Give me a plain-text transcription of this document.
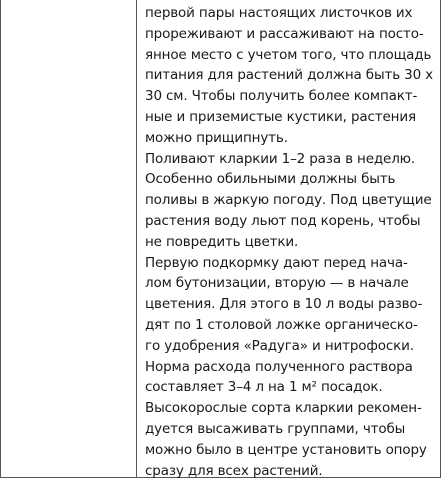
первой пары настоящих листочков их
прореживают и рассаживают на посто-
янное место с учетом того, что площадь
питания для растений должна быть 30 х
30 см. Чтобы получить более компакт-
ные и приземистые кустики, растения
можно прищипнуть.
Поливают кларкии 1–2 раза в неделю.
Особенно обильными должны быть
поливы в жаркую погоду. Под цветущие
растения воду льют под корень, чтобы
не повредить цветки.
Первую подкормку дают перед нача-
лом бутонизации, вторую — в начале
цветения. Для этого в 10 л воды разво-
дят по 1 столовой ложке органическо-
го удобрения «Радуга» и нитрофоски.
Норма расхода полученного раствора
составляет 3–4 л на 1 м² посадок.
Высокорослые сорта кларкии рекомен-
дуется высаживать группами, чтобы
можно было в центре установить опору
сразу для всех растений.
